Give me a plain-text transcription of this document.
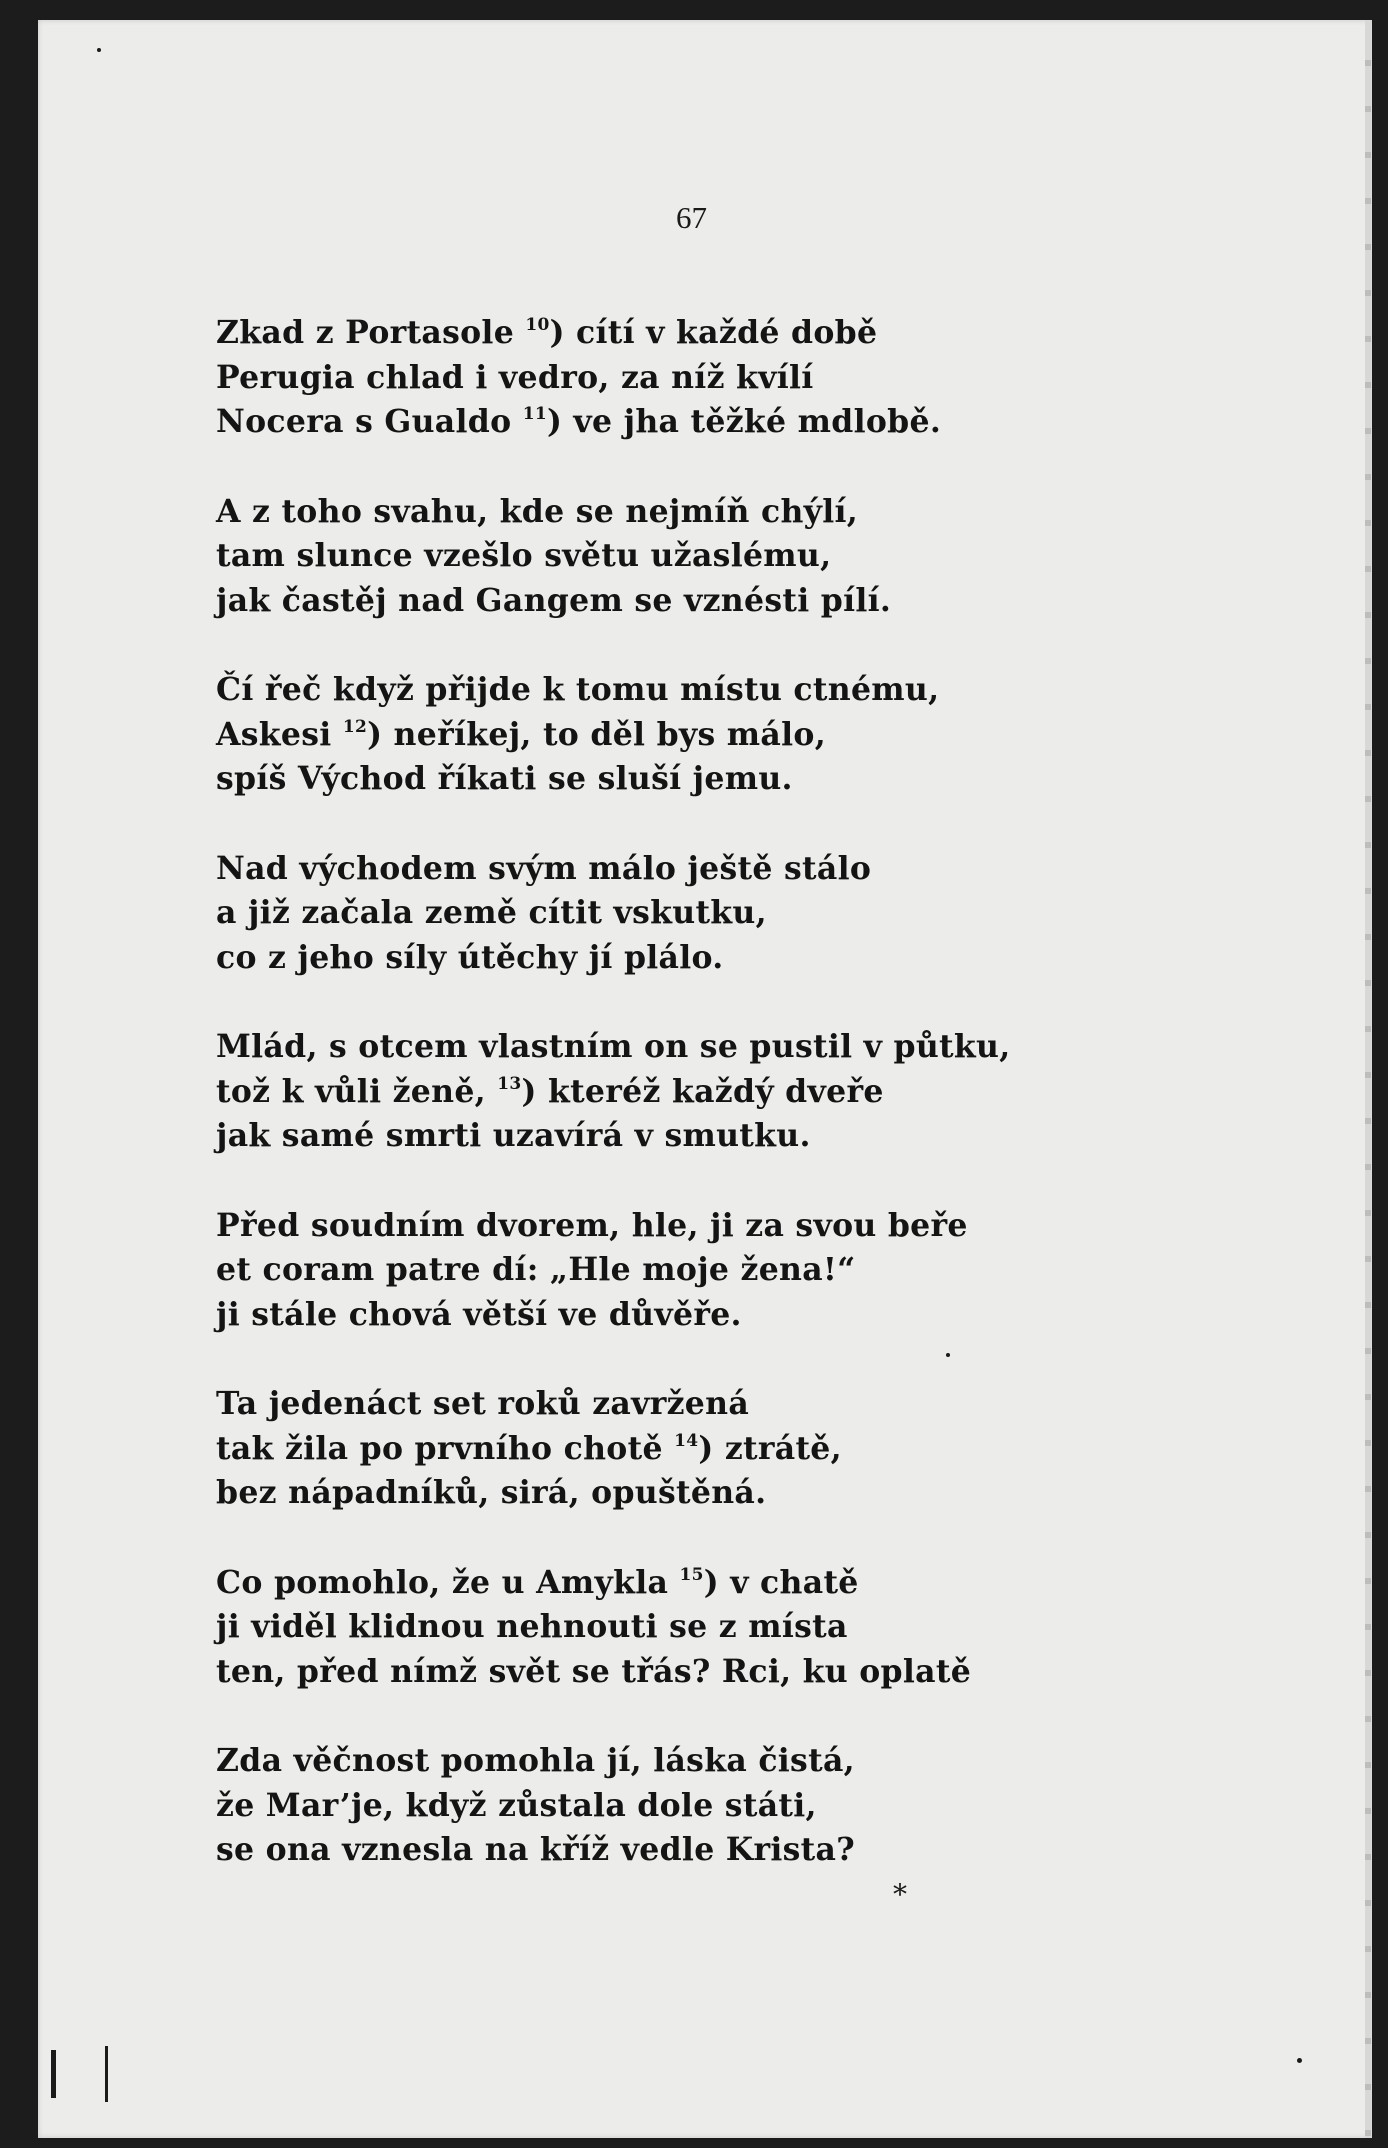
67
Zkad z Portasole $^{10}$) cítí v každé době
Perugia chlad i vedro, za níž kvílí
Nocera s Gualdo $^{11}$) ve jha těžké mdlobě.
A z toho svahu, kde se nejmíň chýlí,
tam slunce vzešlo světu užaslému,
jak častěj nad Gangem se vznésti pílí.
Čí řeč když přijde k tomu místu ctnému,
Askesi $^{12}$) neříkej, to děl bys málo,
spíš Východ říkati se sluší jemu.
Nad východem svým málo ještě stálo
a již začala země cítit vskutku,
co z jeho síly útěchy jí plálo.
Mlád, s otcem vlastním on se pustil v půtku,
tož k vůli ženě, $^{13}$) kteréž každý dveře
jak samé smrti uzavírá v smutku.
Před soudním dvorem, hle, ji za svou beře
et coram patre dí: „Hle moje žena!“
ji stále chová větší ve důvěře.
Ta jedenáct set roků zavržená
tak žila po prvního chotě $^{14}$) ztrátě,
bez nápadníků, sirá, opuštěná.
Co pomohlo, že u Amykla $^{15}$) v chatě
ji viděl klidnou nehnouti se z místa
ten, před nímž svět se třás? Rci, ku oplatě
Zda věčnost pomohla jí, láska čistá,
že Mar’je, když zůstala dole státi,
se ona vznesla na kříž vedle Krista?
*
